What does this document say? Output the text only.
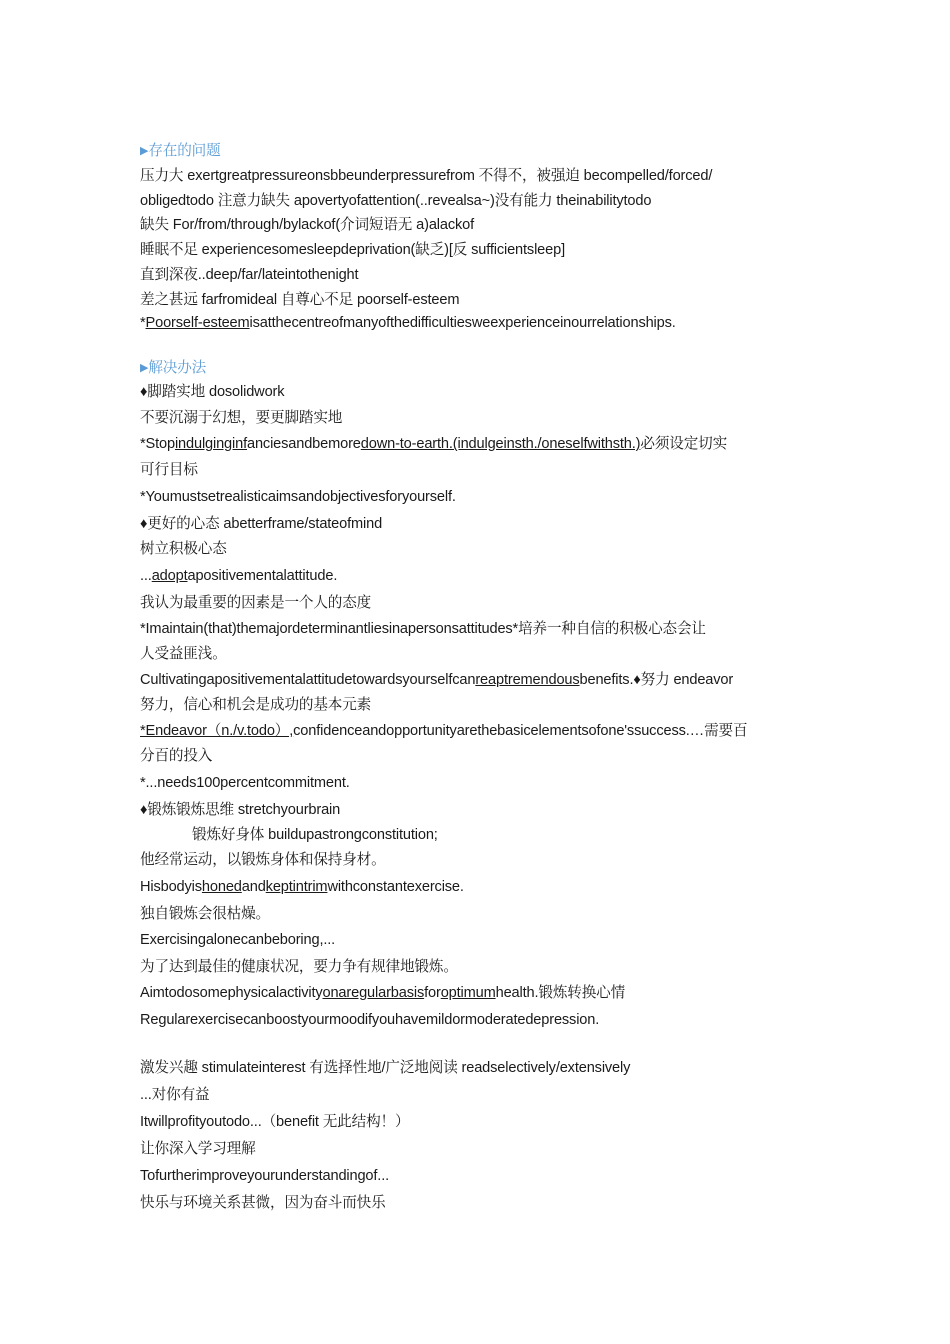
▶存在的问题
压力大 exertgreatpressureonsbbeunderpressurefrom 不得不，被强迫 becompelled/forced/
obligedtodo 注意力缺失 apovertyofattention(..revealsa~)没有能力 theinabilitytodo
缺失 For/from/through/bylackof(介词短语无 a)alackof
睡眠不足 experiencesomesleepdeprivation(缺乏)[反 sufficientsleep]
直到深夜..deep/far/lateintothenight
差之甚远 farfromideal 自尊心不足 poorself-esteem
*Poorself-esteemisatthecentreofmanyofthedifficultiesweexperienceinourrelationships.
▶解决办法
♦脚踏实地 dosolidwork
不要沉溺于幻想，要更脚踏实地
*Stopindulginginfanciesandbemoredown-to-earth.(indulgeinsth./oneselfwithsth.)必须设定切实
可行目标
*Youmustsetrealisticaimsandobjectivesforyourself.
♦更好的心态 abetterframe/stateofmind
树立积极心态
...adoptapositivementalattitude.
我认为最重要的因素是一个人的态度
*Imaintain(that)themajordeterminantliesinapersonsattitudes*培养一种自信的积极心态会让
人受益匪浅。
Cultivatingapositivementalattitudetowardsyourselfcanreaptremendousbenefits.♦努力 endeavor
努力，信心和机会是成功的基本元素
*Endeavor（n./v.todo）,confidenceandopportunityarethebasicelementsofone'ssuccess.…需要百
分百的投入
*...needs100percentcommitment.
♦锻炼锻炼思维 stretchyourbrain
锻炼好身体 buildupastrongconstitution;
他经常运动，以锻炼身体和保持身材。
Hisbodyishonedandkeptintrimwithconstantexercise.
独自锻炼会很枯燥。
Exercisingalonecanbeboring,...
为了达到最佳的健康状况，要力争有规律地锻炼。
Aimtodosomephysicalactivityonaregularbasisforoptimumhealth.锻炼转换心情
Regularexercisecanboostyourmoodifyouhavemildormoderatedepression.
激发兴趣 stimulateinterest 有选择性地/广泛地阅读 readselectively/extensively
...对你有益
Itwillprofityoutodo...（benefit 无此结构！）
让你深入学习理解
Tofurtherimproveyourunderstandingof...
快乐与环境关系甚微，因为奋斗而快乐
